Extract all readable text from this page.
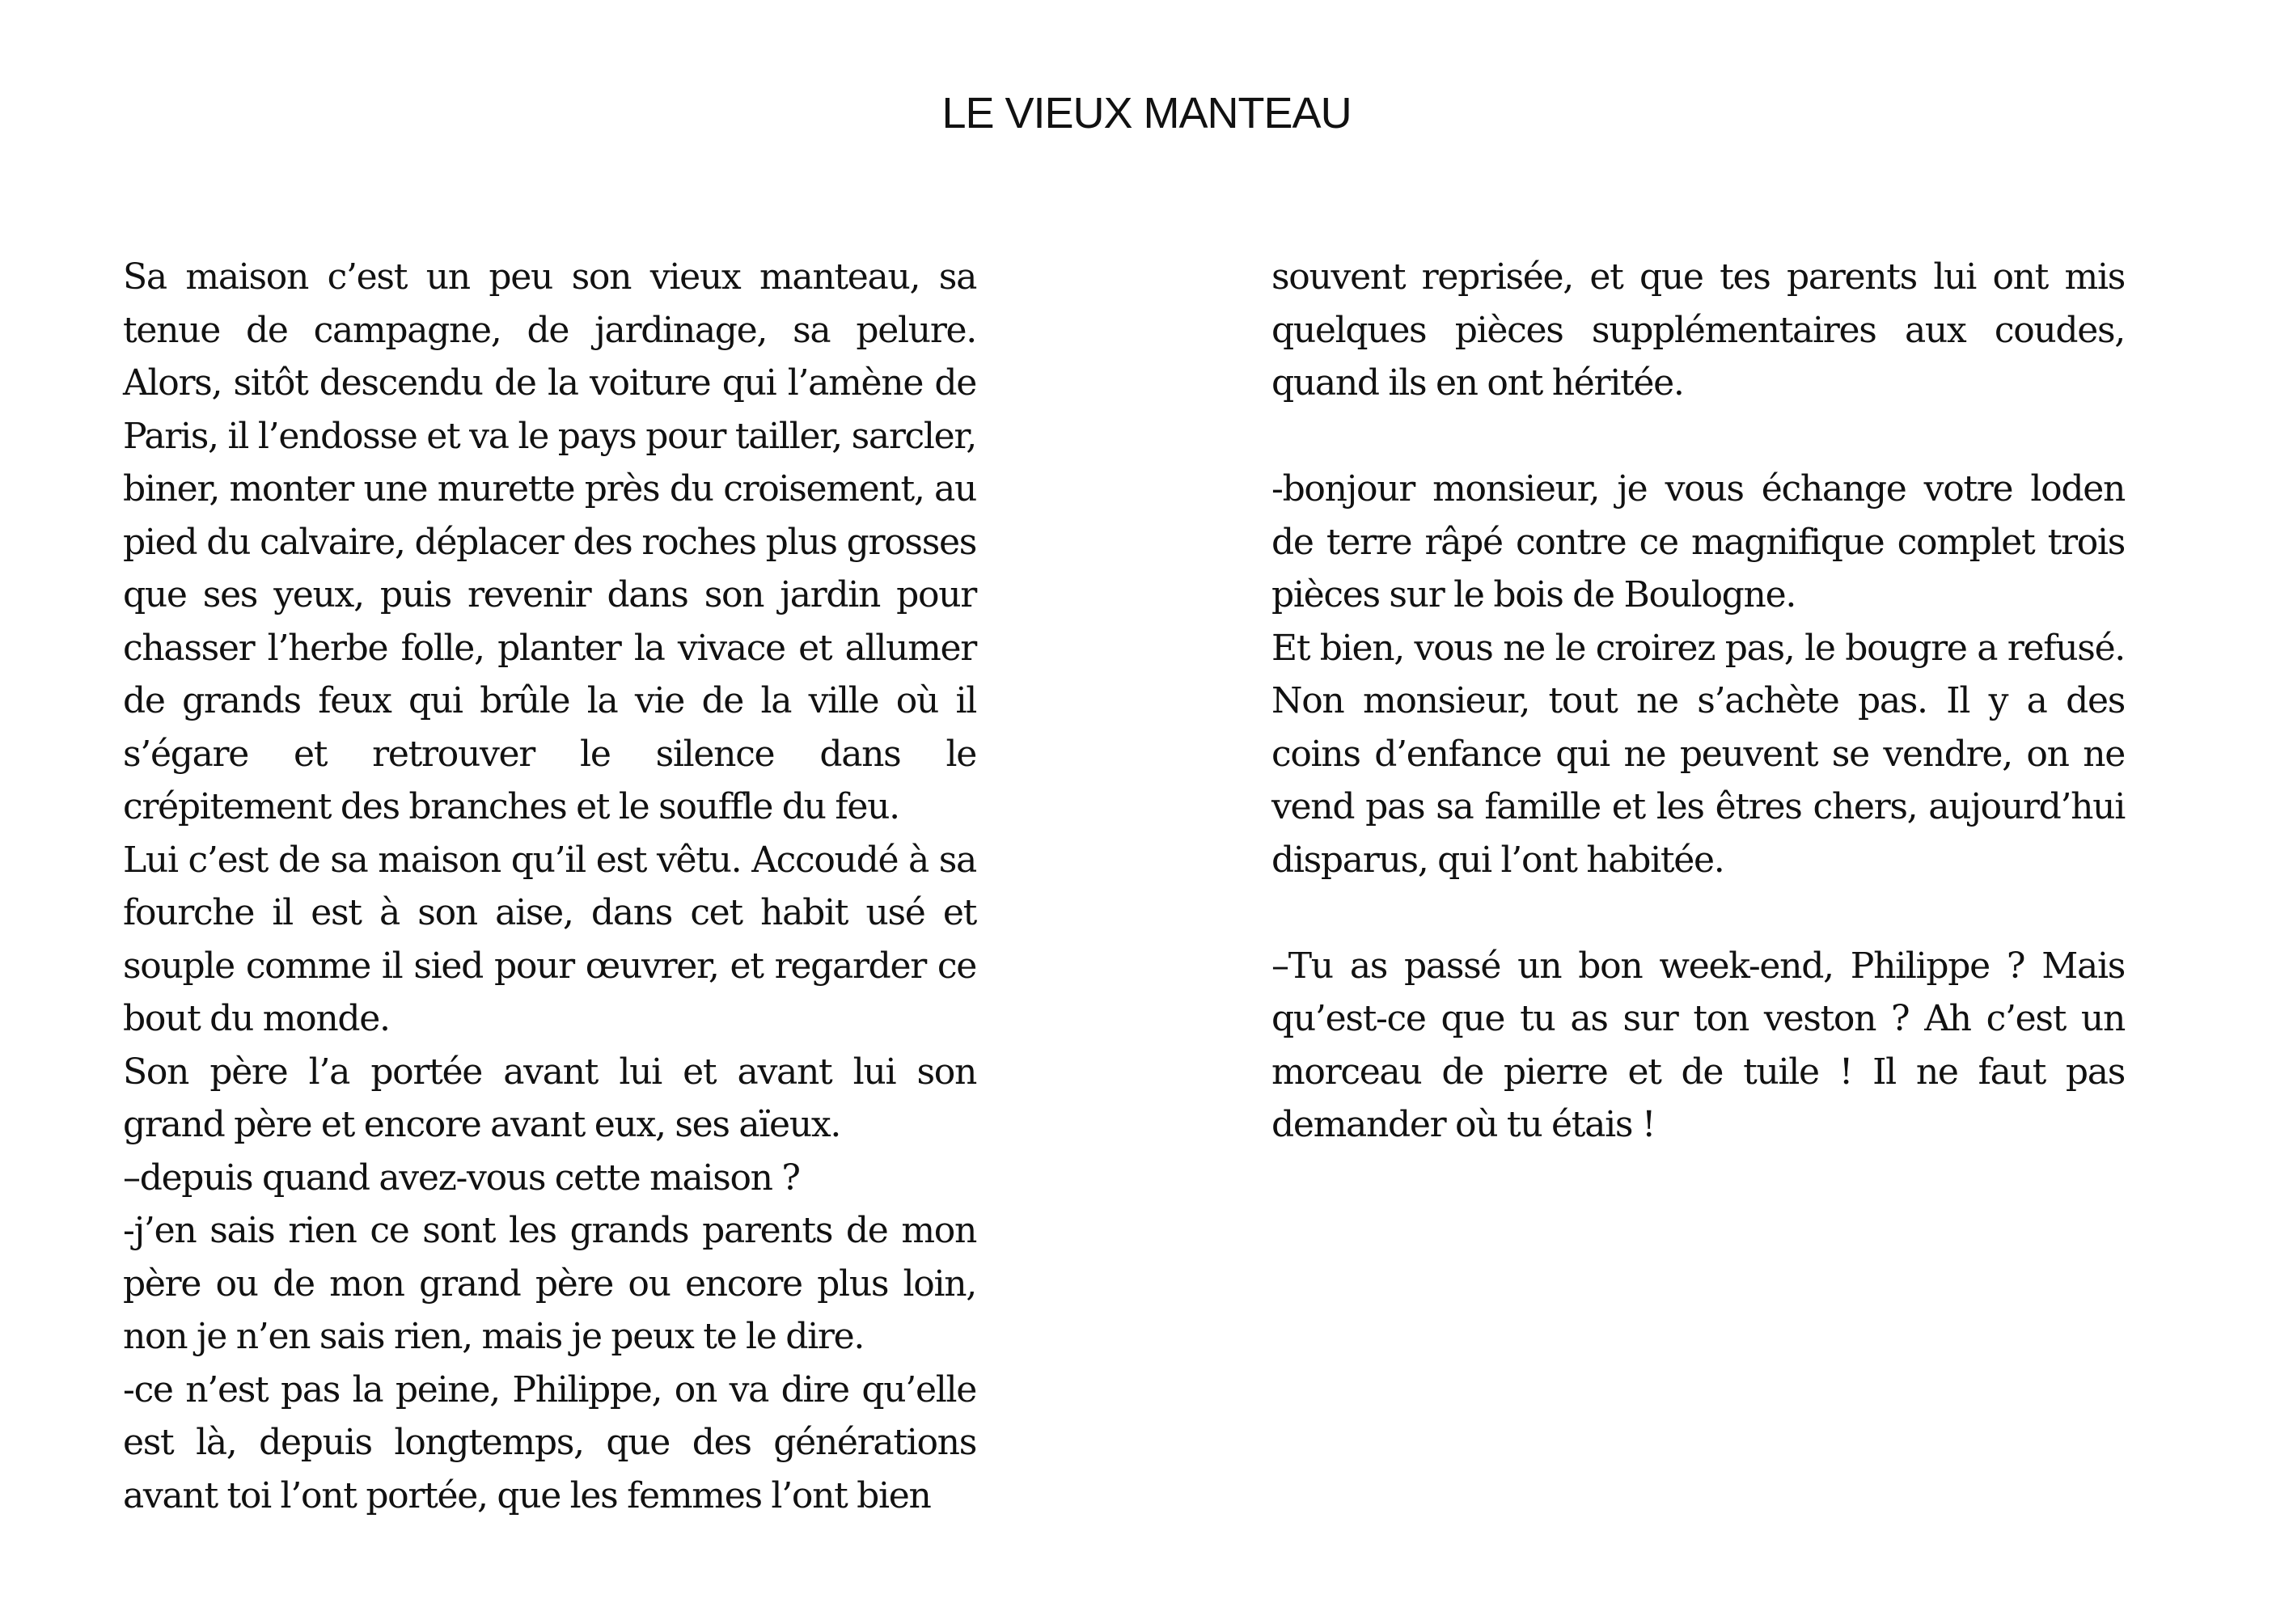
LE VIEUX MANTEAU

Sa maison c’est un peu son vieux manteau, sa tenue de campagne, de jardinage, sa pelure. Alors, sitôt descendu de la voiture qui l’amène de Paris, il l’endosse et va le pays pour tailler, sarcler, biner, monter une murette près du croisement, au pied du calvaire, déplacer des roches plus grosses que ses yeux, puis revenir dans son jardin pour chasser l’herbe folle, planter la vivace et allumer de grands feux qui brûle la vie de la ville où il s’égare et retrouver le silence dans le crépitement des branches et le souffle du feu.

Lui c’est de sa maison qu’il est vêtu. Accoudé à sa fourche il est à son aise, dans cet habit usé et souple comme il sied pour œuvrer, et regarder ce bout du monde.

Son père l’a portée avant lui et avant lui son grand père et encore avant eux, ses aïeux.

–depuis quand avez-vous cette maison ?

-j’en sais rien ce sont les grands parents de mon père ou de mon grand père ou encore plus loin, non je n’en sais rien, mais je peux te le dire.

-ce n’est pas la peine, Philippe, on va dire qu’elle est là, depuis longtemps, que des générations avant toi l’ont portée, que les femmes l’ont bien

souvent reprisée, et que tes parents lui ont mis quelques pièces supplémentaires aux coudes, quand ils en ont héritée.

-bonjour monsieur, je vous échange votre loden de terre râpé contre ce magnifique complet trois pièces sur le bois de Boulogne.

Et bien, vous ne le croirez pas, le bougre a refusé. Non monsieur, tout ne s’achète pas. Il y a des coins d’enfance qui ne peuvent se vendre, on ne vend pas sa famille et les êtres chers, aujourd’hui disparus, qui l’ont habitée.

–Tu as passé un bon week-end, Philippe ? Mais qu’est-ce que tu as sur ton veston ? Ah c’est un morceau de pierre et de tuile ! Il ne faut pas demander où tu étais !
